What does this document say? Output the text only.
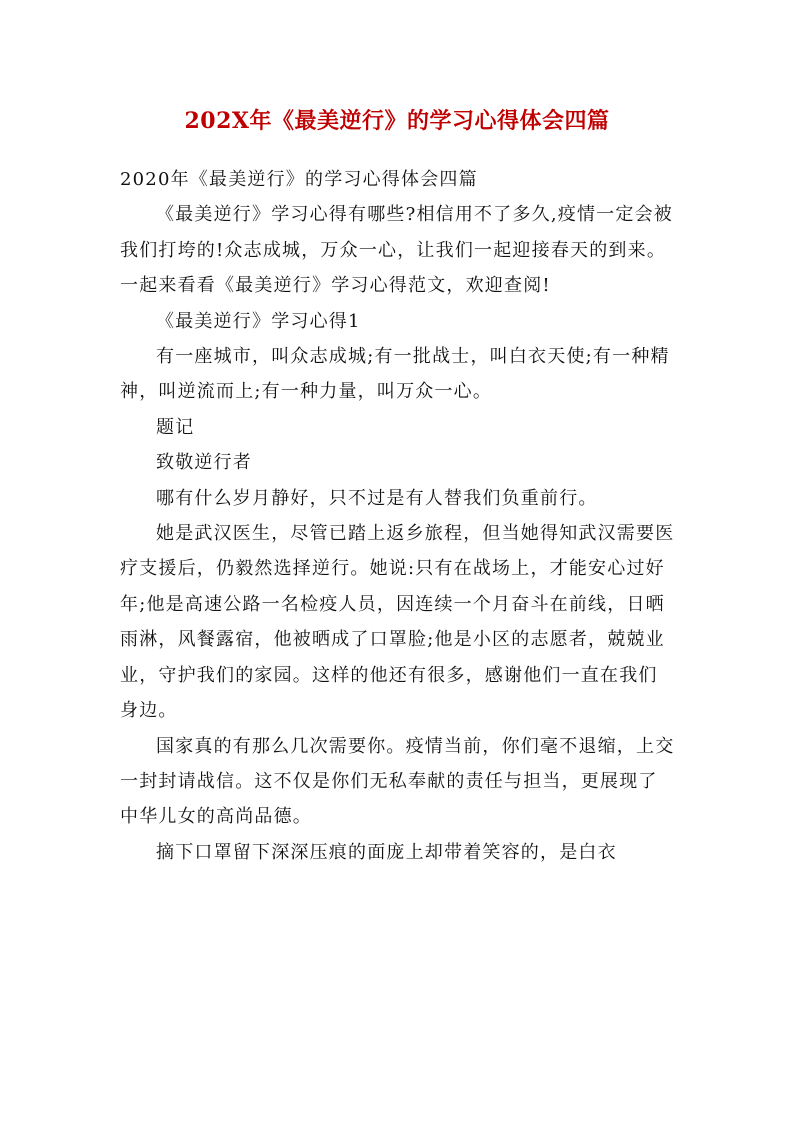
202X年《最美逆行》的学习心得体会四篇

2020年《最美逆行》的学习心得体会四篇

《最美逆行》学习心得有哪些?相信用不了多久,疫情一定会被我们打垮的!众志成城，万众一心，让我们一起迎接春天的到来。一起来看看《最美逆行》学习心得范文，欢迎查阅!

《最美逆行》学习心得1

有一座城市，叫众志成城;有一批战士，叫白衣天使;有一种精神，叫逆流而上;有一种力量，叫万众一心。

题记

致敬逆行者

哪有什么岁月静好，只不过是有人替我们负重前行。

她是武汉医生，尽管已踏上返乡旅程，但当她得知武汉需要医疗支援后，仍毅然选择逆行。她说:只有在战场上，才能安心过好年;他是高速公路一名检疫人员，因连续一个月奋斗在前线，日晒雨淋，风餐露宿，他被晒成了口罩脸;他是小区的志愿者，兢兢业业，守护我们的家园。这样的他还有很多，感谢他们一直在我们身边。

国家真的有那么几次需要你。疫情当前，你们毫不退缩，上交一封封请战信。这不仅是你们无私奉献的责任与担当，更展现了中华儿女的高尚品德。

摘下口罩留下深深压痕的面庞上却带着笑容的，是白衣
